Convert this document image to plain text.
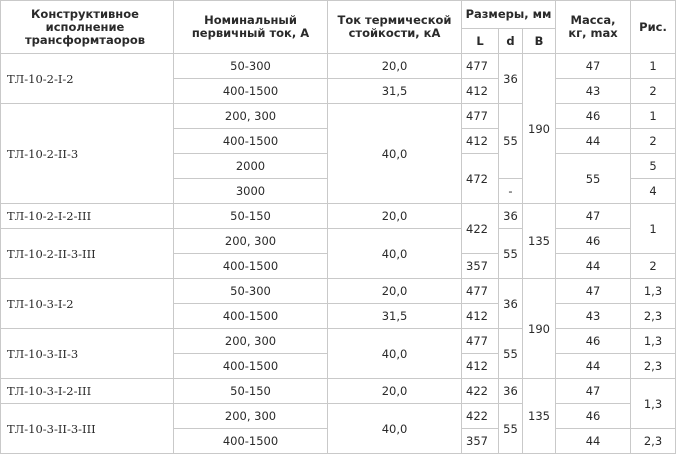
Конструктивное исполнение трансформтаоров	Номинальный первичный ток, А	Ток термической стойкости, кА	Размеры, мм			Масса, кг, max	Рис.
			L	d	B		
ТЛ-10-2-I-2	50-300	20,0	477	36	190	47	1
	400-1500	31,5	412			43	2
ТЛ-10-2-II-3	200, 300	40,0	477	55		46	1
	400-1500		412			44	2
	2000		472			55	5
	3000			-			4
ТЛ-10-2-I-2-III	50-150	20,0	422	36	135	47	1
ТЛ-10-2-II-3-III	200, 300	40,0		55		46	
	400-1500		357			44	2
ТЛ-10-3-I-2	50-300	20,0	477	36	190	47	1,3
	400-1500	31,5	412			43	2,3
ТЛ-10-3-II-3	200, 300	40,0	477	55		46	1,3
	400-1500		412			44	2,3
ТЛ-10-3-I-2-III	50-150	20,0	422	36	135	47	1,3
ТЛ-10-3-II-3-III	200, 300	40,0	422	55		46	
	400-1500		357			44	2,3
